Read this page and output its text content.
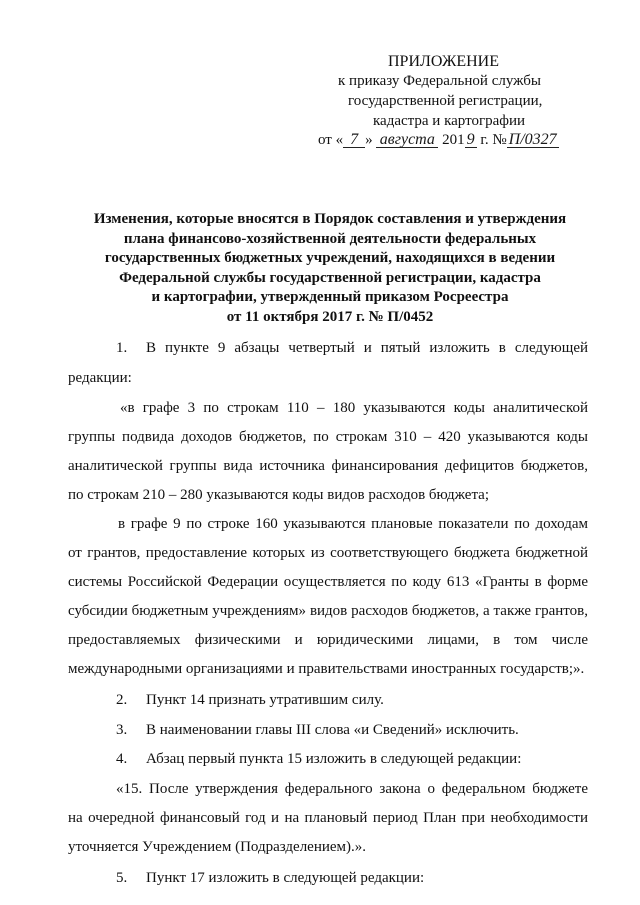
ПРИЛОЖЕНИЕ
к приказу Федеральной службы
государственной регистрации,
кадастра и картографии
от « 7 » августа 201 9 г. № П/0327
Изменения, которые вносятся в Порядок составления и утверждения
плана финансово-хозяйственной деятельности федеральных
государственных бюджетных учреждений, находящихся в ведении
Федеральной службы государственной регистрации, кадастра
и картографии, утвержденный приказом Росреестра
от 11 октября 2017 г. № П/0452
1. В пункте 9 абзацы четвертый и пятый изложить в следующей
редакции:
«в графе 3 по строкам 110 – 180 указываются коды аналитической
группы подвида доходов бюджетов, по строкам 310 – 420 указываются коды
аналитической группы вида источника финансирования дефицитов бюджетов,
по строкам 210 – 280 указываются коды видов расходов бюджета;
в графе 9 по строке 160 указываются плановые показатели по доходам
от грантов, предоставление которых из соответствующего бюджета бюджетной
системы Российской Федерации осуществляется по коду 613 «Гранты в форме
субсидии бюджетным учреждениям» видов расходов бюджетов, а также грантов,
предоставляемых физическими и юридическими лицами, в том числе
международными организациями и правительствами иностранных государств;».
2. Пункт 14 признать утратившим силу.
3. В наименовании главы III слова «и Сведений» исключить.
4. Абзац первый пункта 15 изложить в следующей редакции:
«15. После утверждения федерального закона о федеральном бюджете
на очередной финансовый год и на плановый период План при необходимости
уточняется Учреждением (Подразделением).».
5. Пункт 17 изложить в следующей редакции:
